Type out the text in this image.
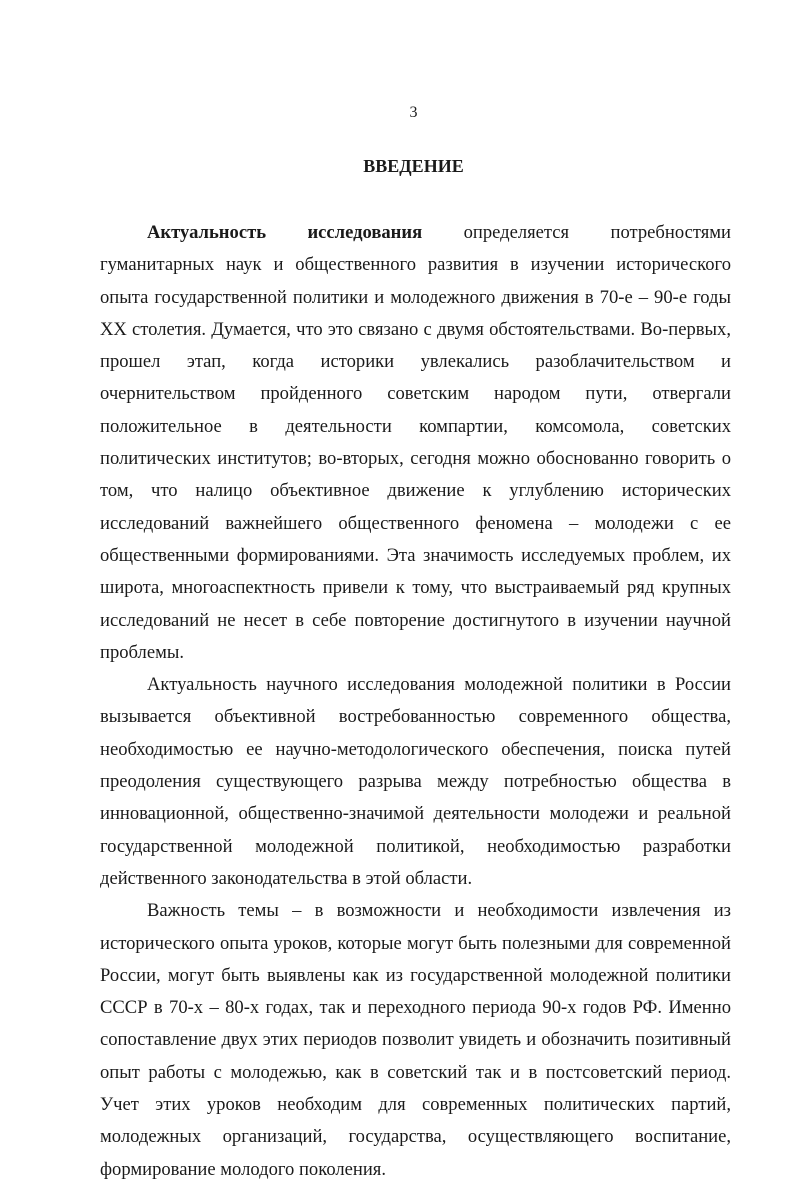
3
ВВЕДЕНИЕ

Актуальность исследования определяется потребностями гуманитарных наук и общественного развития в изучении исторического опыта государственной политики и молодежного движения в 70-е – 90-е годы XX столетия. Думается, что это связано с двумя обстоятельствами. Во-первых, прошел этап, когда историки увлекались разоблачительством и очернительством пройденного советским народом пути, отвергали положительное в деятельности компартии, комсомола, советских политических институтов; во-вторых, сегодня можно обоснованно говорить о том, что налицо объективное движение к углублению исторических исследований важнейшего общественного феномена – молодежи с ее общественными формированиями. Эта значимость исследуемых проблем, их широта, многоаспектность привели к тому, что выстраиваемый ряд крупных исследований не несет в себе повторение достигнутого в изучении научной проблемы.

Актуальность научного исследования молодежной политики в России вызывается объективной востребованностью современного общества, необходимостью ее научно-методологического обеспечения, поиска путей преодоления существующего разрыва между потребностью общества в инновационной, общественно-значимой деятельности молодежи и реальной государственной молодежной политикой, необходимостью разработки действенного законодательства в этой области.

Важность темы – в возможности и необходимости извлечения из исторического опыта уроков, которые могут быть полезными для современной России, могут быть выявлены как из государственной молодежной политики СССР в 70-х – 80-х годах, так и переходного периода 90-х годов РФ. Именно сопоставление двух этих периодов позволит увидеть и обозначить позитивный опыт работы с молодежью, как в советский так и в постсоветский период. Учет этих уроков необходим для современных политических партий, молодежных организаций, государства, осуществляющего воспитание, формирование молодого поколения.
